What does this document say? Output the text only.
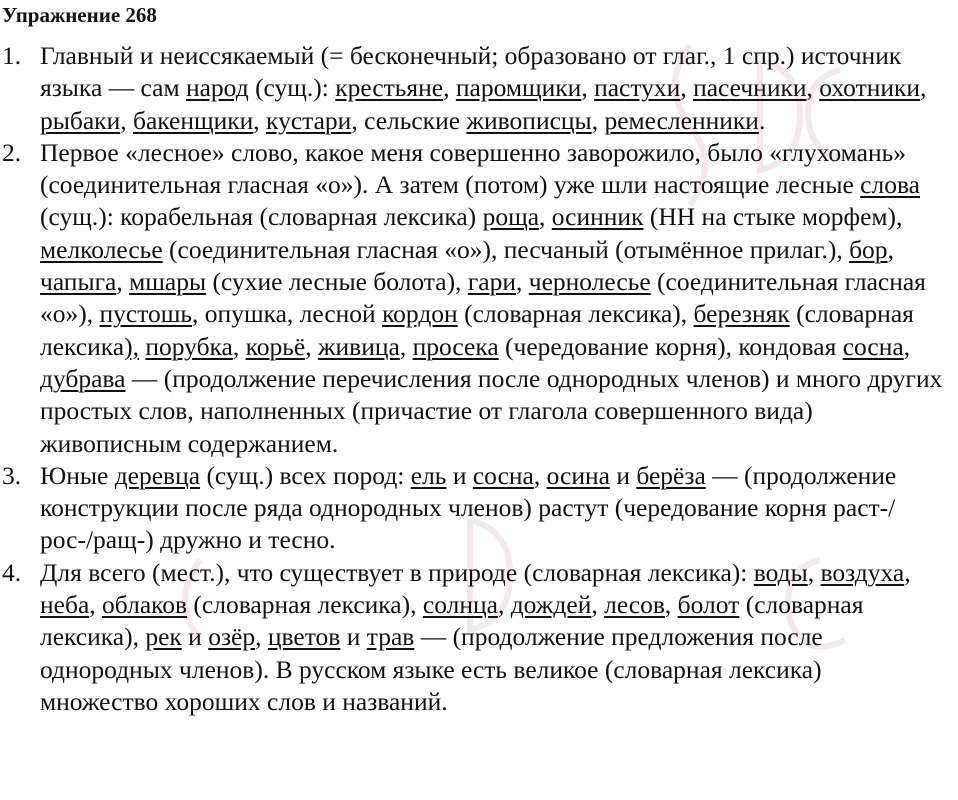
Упражнение 268
1. Главный и неиссякаемый (= бесконечный; образовано от глаг., 1 спр.) источник языка — сам народ (сущ.): крестьяне, паромщики, пастухи, пасечники, охотники, рыбаки, бакенщики, кустари, сельские живописцы, ремесленники.
2. Первое «лесное» слово, какое меня совершенно заворожило, было «глухомань» (соединительная гласная «о»). А затем (потом) уже шли настоящие лесные слова (сущ.): корабельная (словарная лексика) роща, осинник (НН на стыке морфем), мелколесье (соединительная гласная «о»), песчаный (отымённое прилаг.), бор, чапыга, мшары (сухие лесные болота), гари, чернолесье (соединительная гласная «о»), пустошь, опушка, лесной кордон (словарная лексика), березняк (словарная лексика), порубка, корьё, живица, просека (чередование корня), кондовая сосна, дубрава — (продолжение перечисления после однородных членов) и много других простых слов, наполненных (причастие от глагола совершенного вида) живописным содержанием.
3. Юные деревца (сущ.) всех пород: ель и сосна, осина и берёза — (продолжение конструкции после ряда однородных членов) растут (чередование корня раст-/рос-/ращ-) дружно и тесно.
4. Для всего (мест.), что существует в природе (словарная лексика): воды, воздуха, неба, облаков (словарная лексика), солнца, дождей, лесов, болот (словарная лексика), рек и озёр, цветов и трав — (продолжение предложения после однородных членов). В русском языке есть великое (словарная лексика) множество хороших слов и названий.
